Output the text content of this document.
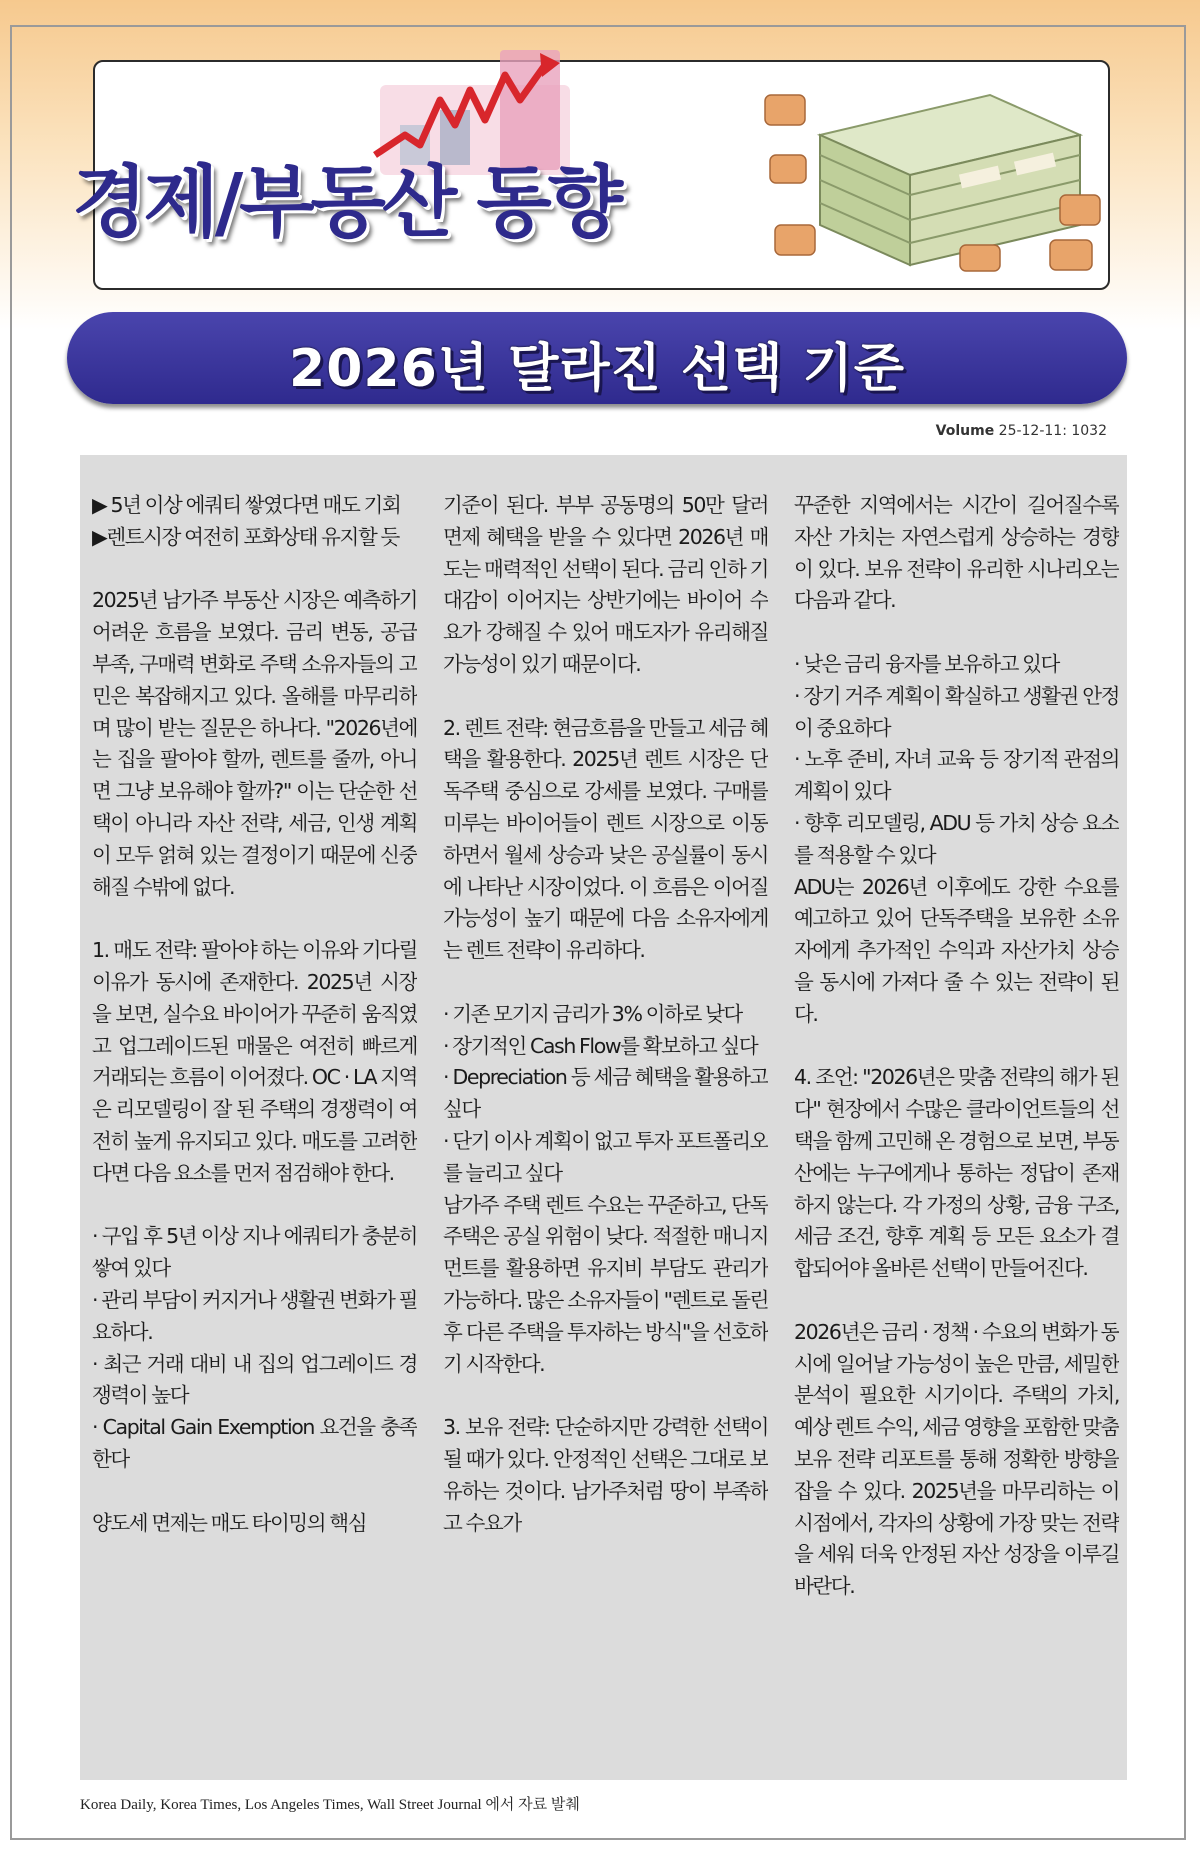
경제/부동산 동향
2026년 달라진 선택 기준
Volume 25-12-11: 1032

▶ 5년 이상 에쿼티 쌓였다면 매도 기회

▶렌트시장 여전히 포화상태 유지할 듯

2025년 남가주 부동산 시장은 예측하기 어려운 흐름을 보였다. 금리 변동, 공급 부족, 구매력 변화로 주택 소유자들의 고민은 복잡해지고 있다. 올해를 마무리하며 많이 받는 질문은 하나다. "2026년에는 집을 팔아야 할까, 렌트를 줄까, 아니면 그냥 보유해야 할까?" 이는 단순한 선택이 아니라 자산 전략, 세금, 인생 계획이 모두 얽혀 있는 결정이기 때문에 신중해질 수밖에 없다.

1. 매도 전략: 팔아야 하는 이유와 기다릴 이유가 동시에 존재한다. 2025년 시장을 보면, 실수요 바이어가 꾸준히 움직였고 업그레이드된 매물은 여전히 빠르게 거래되는 흐름이 이어졌다. OC · LA 지역은 리모델링이 잘 된 주택의 경쟁력이 여전히 높게 유지되고 있다. 매도를 고려한다면 다음 요소를 먼저 점검해야 한다.

· 구입 후 5년 이상 지나 에쿼티가 충분히 쌓여 있다

· 관리 부담이 커지거나 생활권 변화가 필요하다.

· 최근 거래 대비 내 집의 업그레이드 경쟁력이 높다

· Capital Gain Exemption 요건을 충족한다

양도세 면제는 매도 타이밍의 핵심

기준이 된다. 부부 공동명의 50만 달러 면제 혜택을 받을 수 있다면 2026년 매도는 매력적인 선택이 된다. 금리 인하 기대감이 이어지는 상반기에는 바이어 수요가 강해질 수 있어 매도자가 유리해질 가능성이 있기 때문이다.

2. 렌트 전략: 현금흐름을 만들고 세금 혜택을 활용한다. 2025년 렌트 시장은 단독주택 중심으로 강세를 보였다. 구매를 미루는 바이어들이 렌트 시장으로 이동하면서 월세 상승과 낮은 공실률이 동시에 나타난 시장이었다. 이 흐름은 이어질 가능성이 높기 때문에 다음 소유자에게는 렌트 전략이 유리하다.

· 기존 모기지 금리가 3% 이하로 낮다

· 장기적인 Cash Flow를 확보하고 싶다

· Depreciation 등 세금 혜택을 활용하고 싶다

· 단기 이사 계획이 없고 투자 포트폴리오를 늘리고 싶다

남가주 주택 렌트 수요는 꾸준하고, 단독주택은 공실 위험이 낮다. 적절한 매니지먼트를 활용하면 유지비 부담도 관리가 가능하다. 많은 소유자들이 "렌트로 돌린 후 다른 주택을 투자하는 방식"을 선호하기 시작한다.

3. 보유 전략: 단순하지만 강력한 선택이 될 때가 있다. 안정적인 선택은 그대로 보유하는 것이다. 남가주처럼 땅이 부족하고 수요가

꾸준한 지역에서는 시간이 길어질수록 자산 가치는 자연스럽게 상승하는 경향이 있다. 보유 전략이 유리한 시나리오는 다음과 같다.

· 낮은 금리 융자를 보유하고 있다

· 장기 거주 계획이 확실하고 생활권 안정이 중요하다

· 노후 준비, 자녀 교육 등 장기적 관점의 계획이 있다

· 향후 리모델링, ADU 등 가치 상승 요소를 적용할 수 있다

ADU는 2026년 이후에도 강한 수요를 예고하고 있어 단독주택을 보유한 소유자에게 추가적인 수익과 자산가치 상승을 동시에 가져다 줄 수 있는 전략이 된다.

4. 조언: "2026년은 맞춤 전략의 해가 된다" 현장에서 수많은 클라이언트들의 선택을 함께 고민해 온 경험으로 보면, 부동산에는 누구에게나 통하는 정답이 존재하지 않는다. 각 가정의 상황, 금융 구조, 세금 조건, 향후 계획 등 모든 요소가 결합되어야 올바른 선택이 만들어진다.

2026년은 금리 · 정책 · 수요의 변화가 동시에 일어날 가능성이 높은 만큼, 세밀한 분석이 필요한 시기이다. 주택의 가치, 예상 렌트 수익, 세금 영향을 포함한 맞춤 보유 전략 리포트를 통해 정확한 방향을 잡을 수 있다. 2025년을 마무리하는 이 시점에서, 각자의 상황에 가장 맞는 전략을 세워 더욱 안정된 자산 성장을 이루길 바란다.

Korea Daily, Korea Times, Los Angeles Times, Wall Street Journal 에서 자료 발췌
